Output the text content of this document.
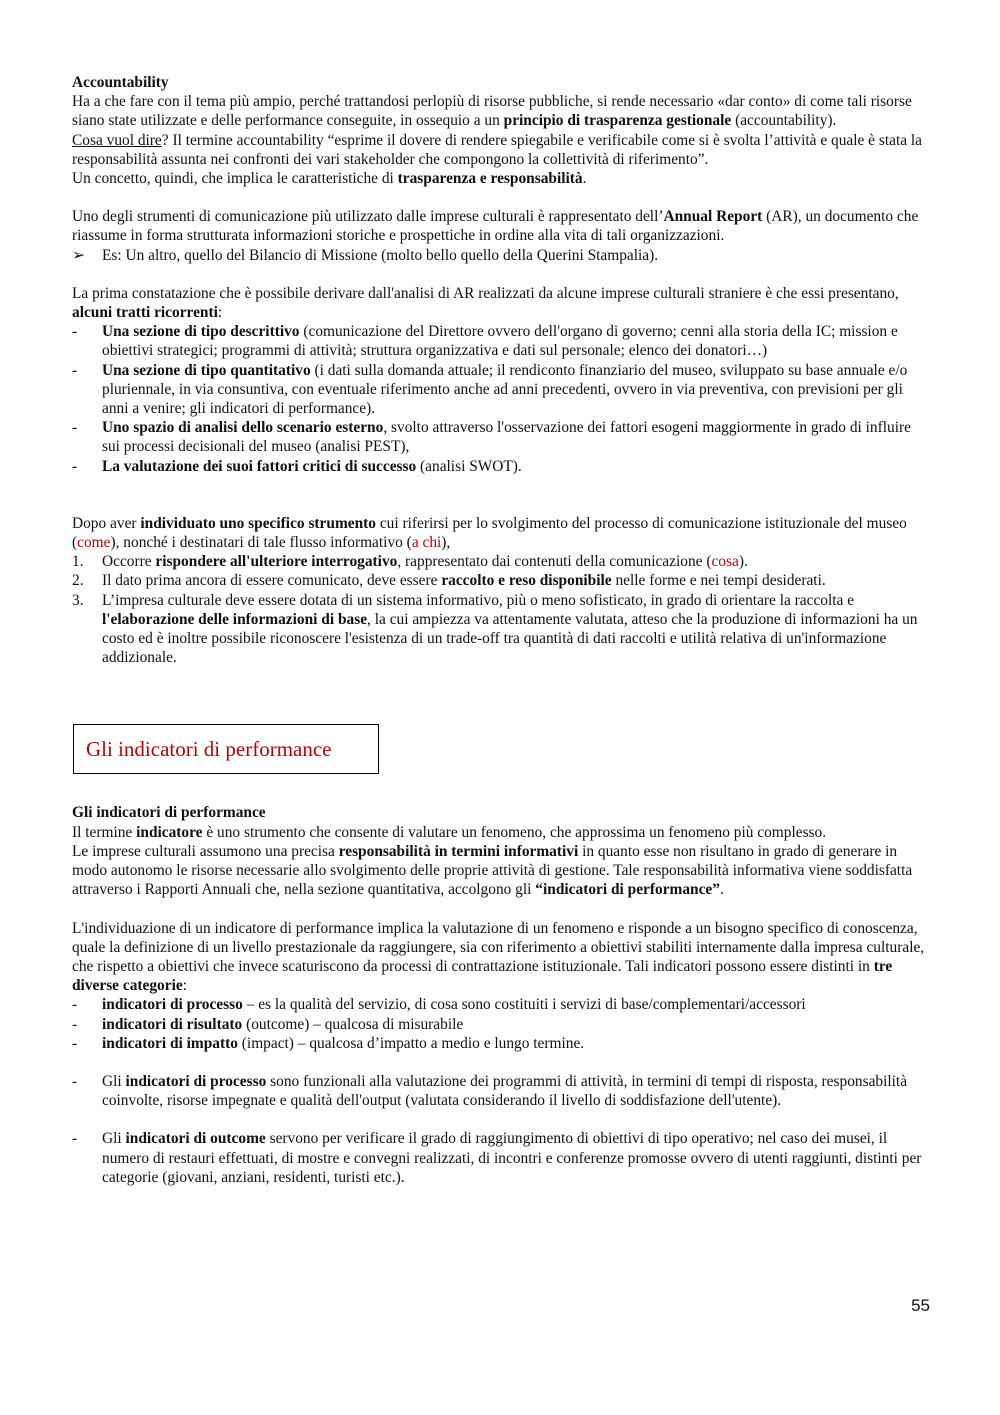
Accountability

Ha a che fare con il tema più ampio, perché trattandosi perlopiù di risorse pubbliche, si rende necessario «dar conto» di come tali risorse siano state utilizzate e delle performance conseguite, in ossequio a un principio di trasparenza gestionale (accountability).

Cosa vuol dire? Il termine accountability “esprime il dovere di rendere spiegabile e verificabile come si è svolta l’attività e quale è stata la responsabilità assunta nei confronti dei vari stakeholder che compongono la collettività di riferimento”.

Un concetto, quindi, che implica le caratteristiche di trasparenza e responsabilità.

Uno degli strumenti di comunicazione più utilizzato dalle imprese culturali è rappresentato dell’Annual Report (AR), un documento che riassume in forma strutturata informazioni storiche e prospettiche in ordine alla vita di tali organizzazioni.

➢ Es: Un altro, quello del Bilancio di Missione (molto bello quello della Querini Stampalia).

La prima constatazione che è possibile derivare dall'analisi di AR realizzati da alcune imprese culturali straniere è che essi presentano, alcuni tratti ricorrenti:

- Una sezione di tipo descrittivo (comunicazione del Direttore ovvero dell'organo di governo; cenni alla storia della IC; mission e obiettivi strategici; programmi di attività; struttura organizzativa e dati sul personale; elenco dei donatori…)
- Una sezione di tipo quantitativo (i dati sulla domanda attuale; il rendiconto finanziario del museo, sviluppato su base annuale e/o pluriennale, in via consuntiva, con eventuale riferimento anche ad anni precedenti, ovvero in via preventiva, con previsioni per gli anni a venire; gli indicatori di performance).
- Uno spazio di analisi dello scenario esterno, svolto attraverso l'osservazione dei fattori esogeni maggiormente in grado di influire sui processi decisionali del museo (analisi PEST),
- La valutazione dei suoi fattori critici di successo (analisi SWOT).

Dopo aver individuato uno specifico strumento cui riferirsi per lo svolgimento del processo di comunicazione istituzionale del museo (come), nonché i destinatari di tale flusso informativo (a chi),

1. Occorre rispondere all'ulteriore interrogativo, rappresentato dai contenuti della comunicazione (cosa).
2. Il dato prima ancora di essere comunicato, deve essere raccolto e reso disponibile nelle forme e nei tempi desiderati.
3. L’impresa culturale deve essere dotata di un sistema informativo, più o meno sofisticato, in grado di orientare la raccolta e l'elaborazione delle informazioni di base, la cui ampiezza va attentamente valutata, atteso che la produzione di informazioni ha un costo ed è inoltre possibile riconoscere l'esistenza di un trade-off tra quantità di dati raccolti e utilità relativa di un'informazione addizionale.
Gli indicatori di performance

Gli indicatori di performance

Il termine indicatore è uno strumento che consente di valutare un fenomeno, che approssima un fenomeno più complesso.

Le imprese culturali assumono una precisa responsabilità in termini informativi in quanto esse non risultano in grado di generare in modo autonomo le risorse necessarie allo svolgimento delle proprie attività di gestione. Tale responsabilità informativa viene soddisfatta attraverso i Rapporti Annuali che, nella sezione quantitativa, accolgono gli “indicatori di performance”.

L'individuazione di un indicatore di performance implica la valutazione di un fenomeno e risponde a un bisogno specifico di conoscenza, quale la definizione di un livello prestazionale da raggiungere, sia con riferimento a obiettivi stabiliti internamente dalla impresa culturale, che rispetto a obiettivi che invece scaturiscono da processi di contrattazione istituzionale. Tali indicatori possono essere distinti in tre diverse categorie:

- indicatori di processo – es la qualità del servizio, di cosa sono costituiti i servizi di base/complementari/accessori
- indicatori di risultato (outcome) – qualcosa di misurabile
- indicatori di impatto (impact) – qualcosa d’impatto a medio e lungo termine.
- Gli indicatori di processo sono funzionali alla valutazione dei programmi di attività, in termini di tempi di risposta, responsabilità coinvolte, risorse impegnate e qualità dell'output (valutata considerando il livello di soddisfazione dell'utente).
- Gli indicatori di outcome servono per verificare il grado di raggiungimento di obiettivi di tipo operativo; nel caso dei musei, il numero di restauri effettuati, di mostre e convegni realizzati, di incontri e conferenze promosse ovvero di utenti raggiunti, distinti per categorie (giovani, anziani, residenti, turisti etc.).
55
